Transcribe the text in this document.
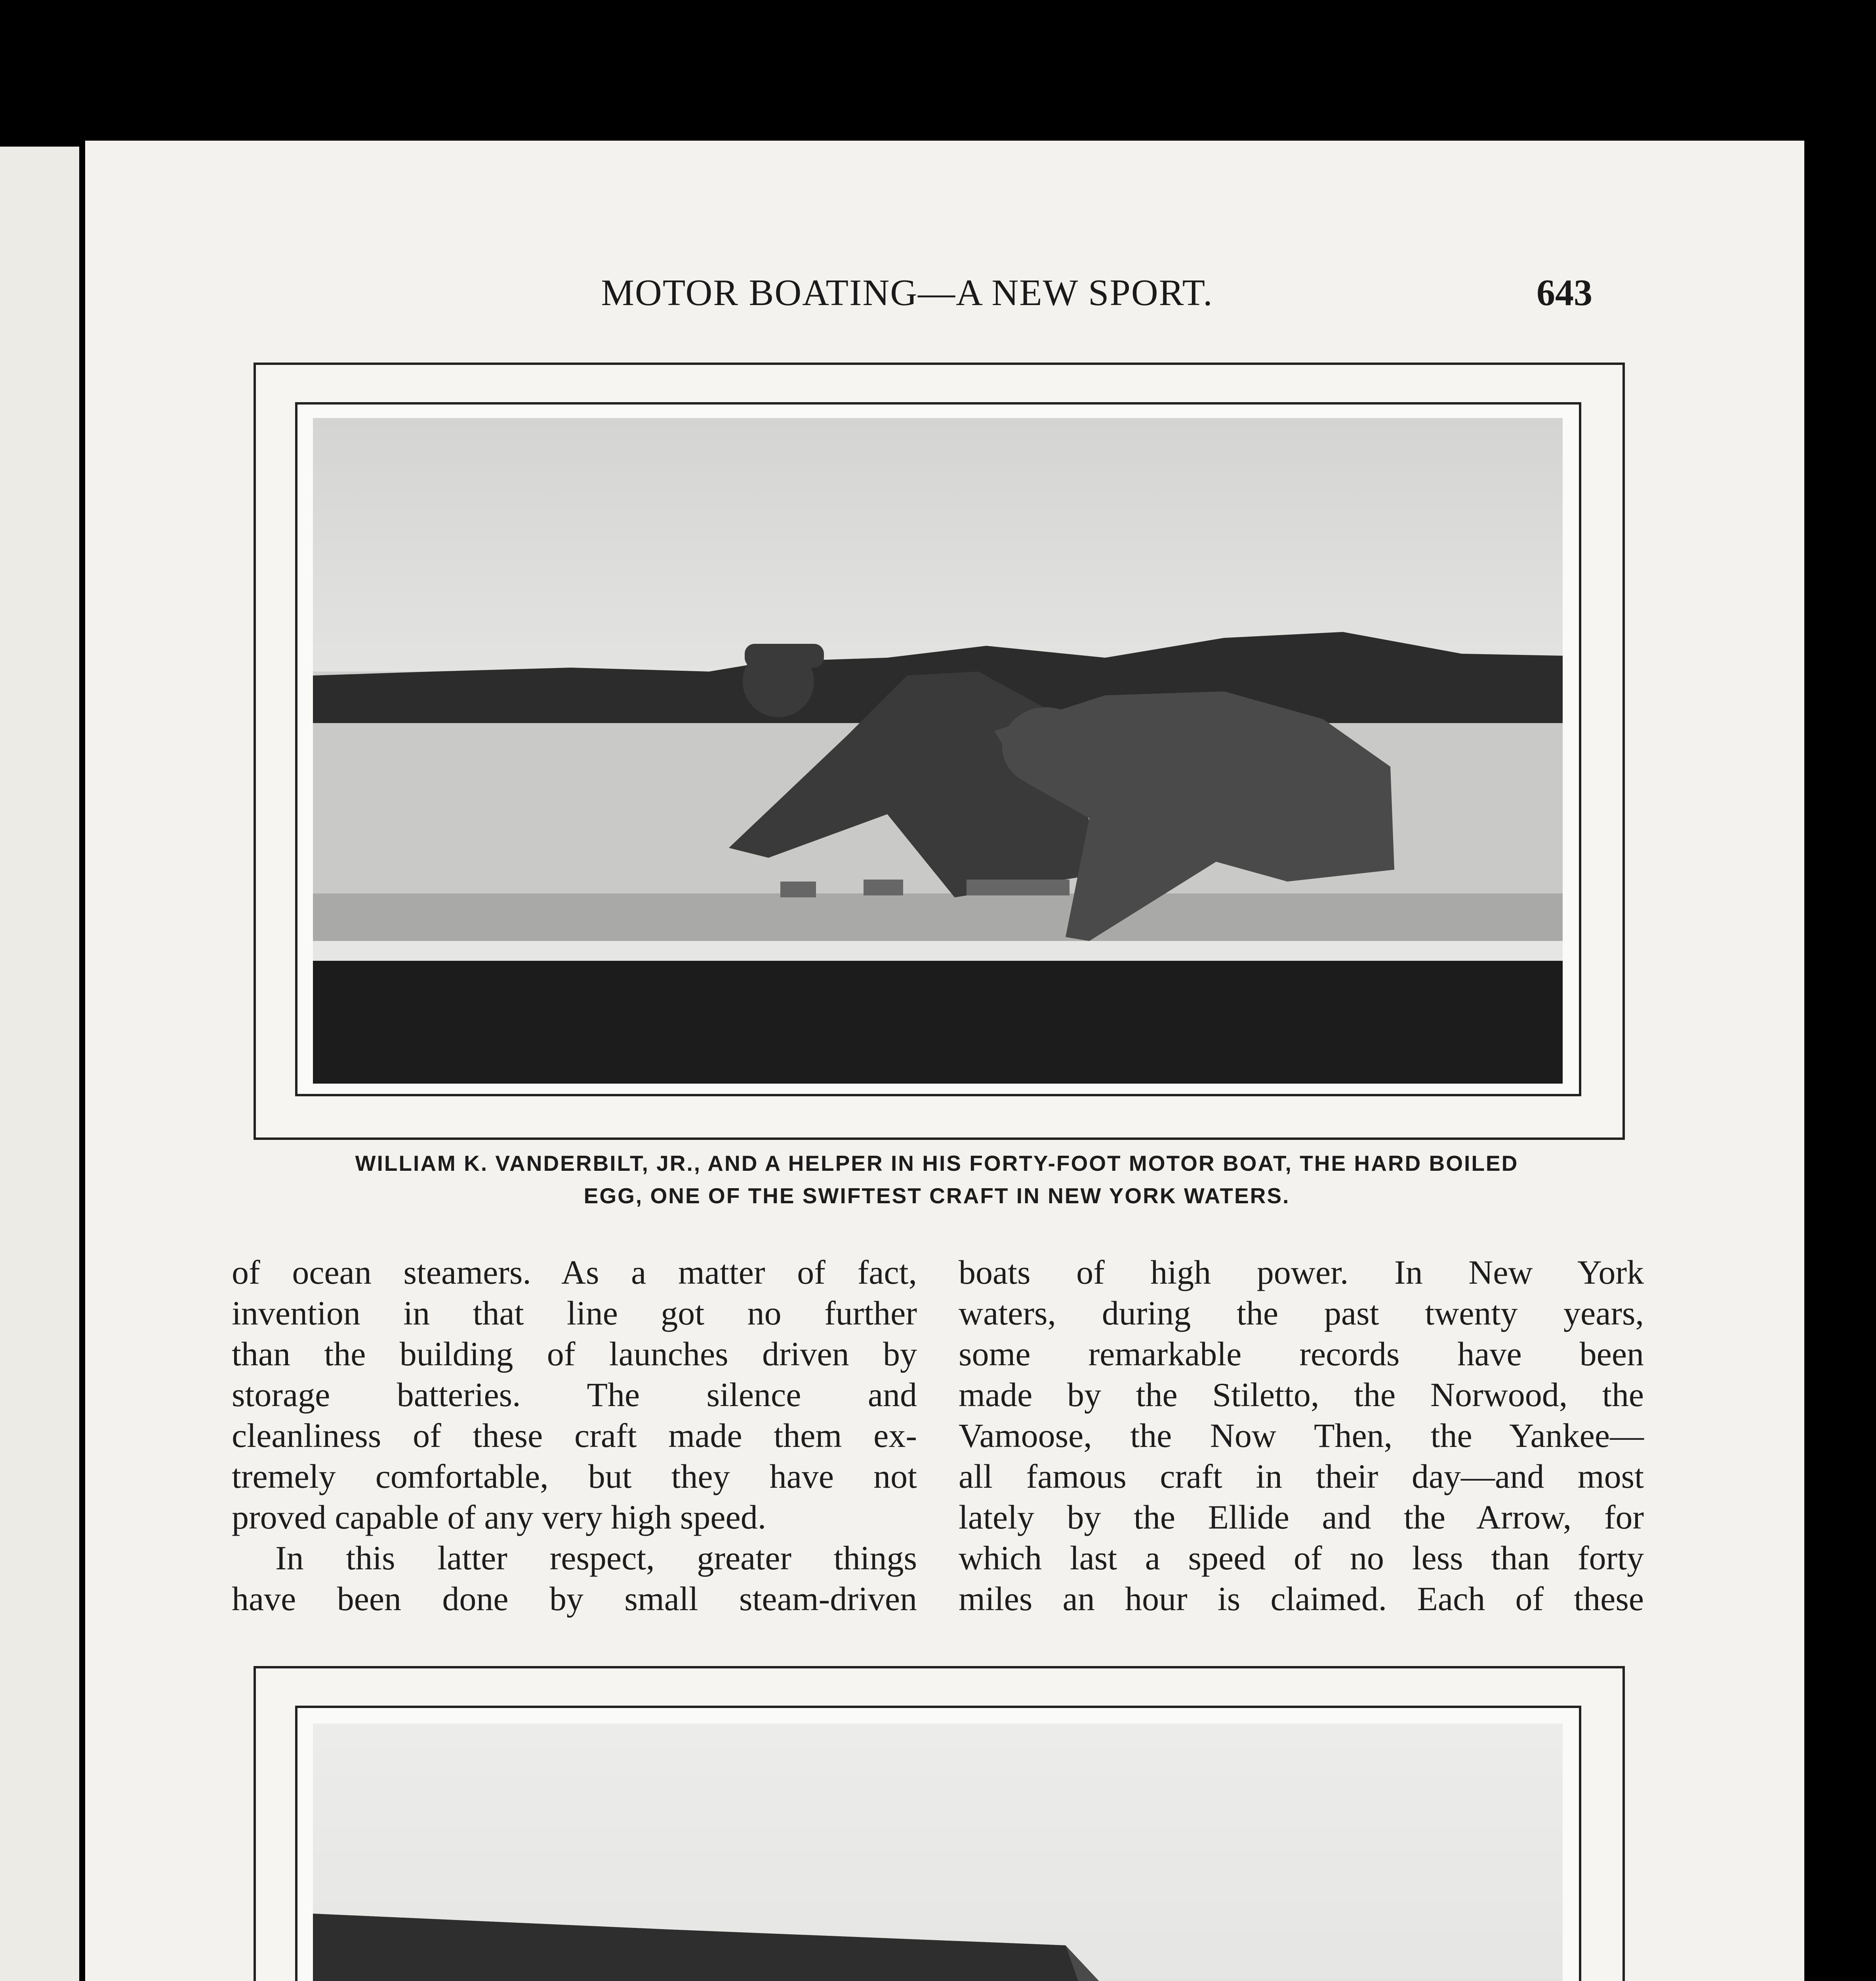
MOTOR BOATING—A NEW SPORT.	643
WILLIAM K. VANDERBILT, JR., AND A HELPER IN HIS FORTY-FOOT MOTOR BOAT, THE HARD BOILED
EGG, ONE OF THE SWIFTEST CRAFT IN NEW YORK WATERS.

of ocean steamers. As a matter of fact,

invention in that line got no further

than the building of launches driven by

storage batteries. The silence and

cleanliness of these craft made them ex-

tremely comfortable, but they have not

proved capable of any very high speed.

In this latter respect, greater things

have been done by small steam-driven

boats of high power. In New York

waters, during the past twenty years,

some remarkable records have been

made by the Stiletto, the Norwood, the

Vamoose, the Now Then, the Yankee—

all famous craft in their day—and most

lately by the Ellide and the Arrow, for

which last a speed of no less than forty

miles an hour is claimed. Each of these
